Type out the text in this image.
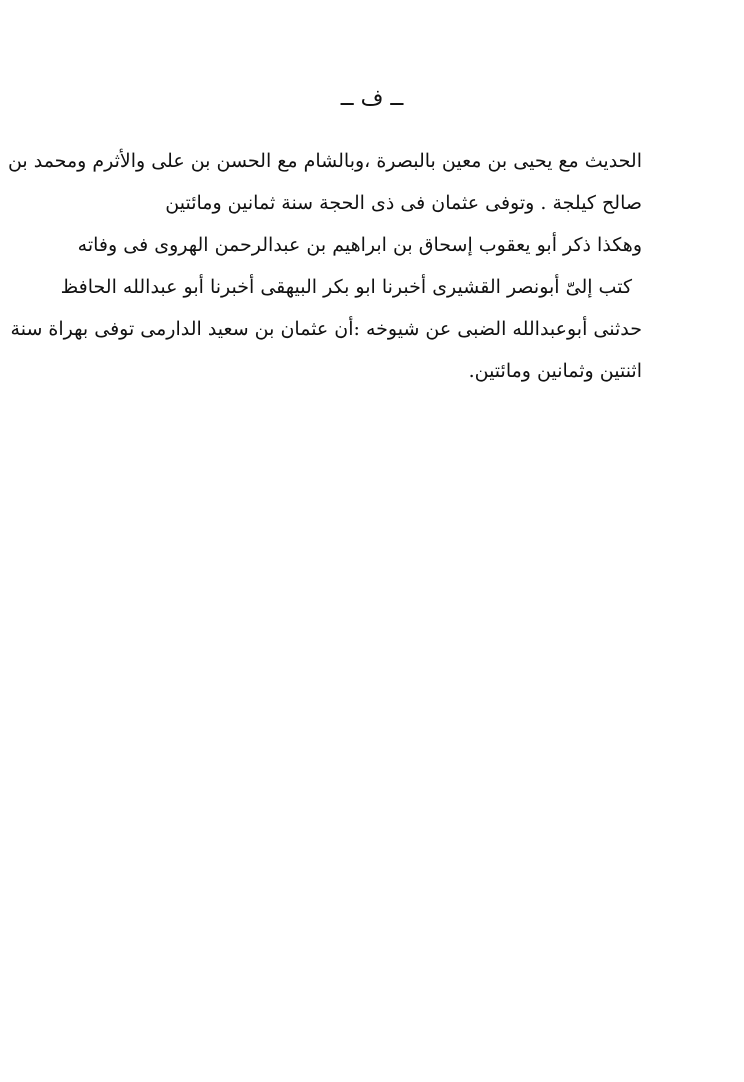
ــ ف ــ
الحديث مع يحيى بن معين بالبصرة ،وبالشام مع الحسن بن على والأثرم ومحمد بن
صالح كيلجة . وتوفى عثمان فى ذى الحجة سنة ثمانين ومائتين
وهكذا ذكر أبو يعقوب إسحاق بن ابراهيم بن عبدالرحمن الهروى فى وفاته
كتب إلىّ أبونصر القشيرى أخبرنا ابو بكر البيهقى أخبرنا أبو عبدالله الحافظ
حدثنى أبوعبدالله الضبى عن شيوخه :أن عثمان بن سعيد الدارمى توفى بهراة سنة
اثنتين وثمانين ومائتين.
